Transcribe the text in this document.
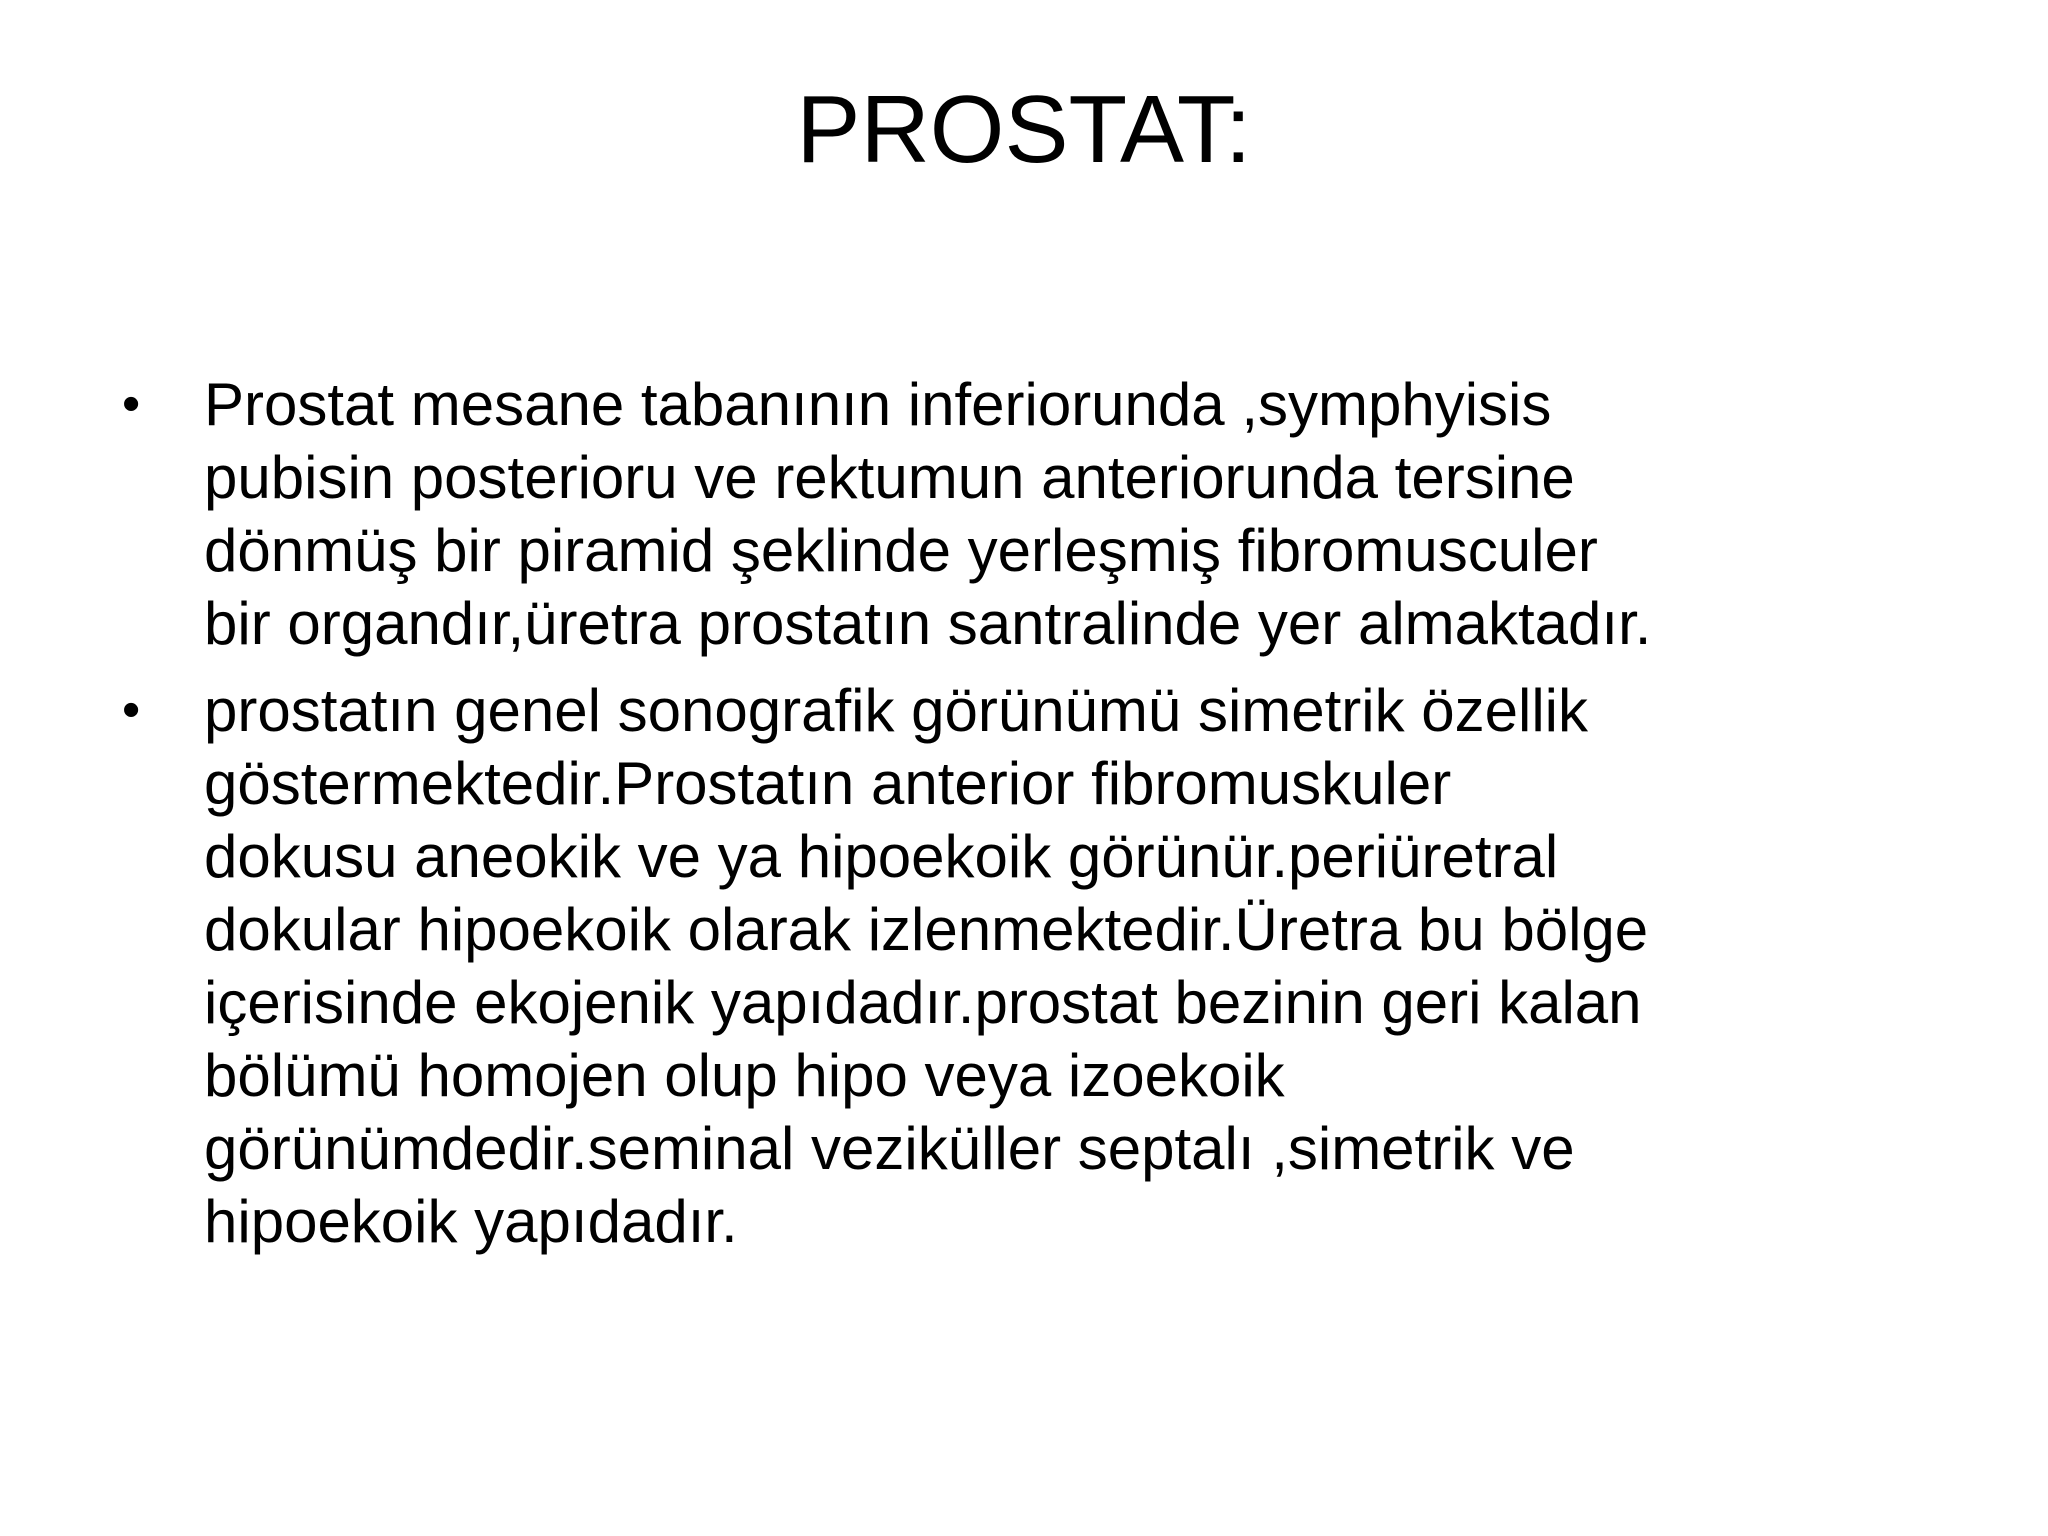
PROSTAT:
• Prostat mesane tabanının inferiorunda ,symphyisis
pubisin posterioru ve rektumun anteriorunda tersine
dönmüş bir piramid şeklinde yerleşmiş fibromusculer
bir organdır,üretra prostatın santralinde yer almaktadır.
• prostatın genel sonografik görünümü simetrik özellik
göstermektedir.Prostatın anterior fibromuskuler
dokusu aneokik ve ya hipoekoik görünür.periüretral
dokular hipoekoik olarak izlenmektedir.Üretra bu bölge
içerisinde ekojenik yapıdadır.prostat bezinin geri kalan
bölümü homojen olup hipo veya izoekoik
görünümdedir.seminal veziküller septalı ,simetrik ve
hipoekoik yapıdadır.
